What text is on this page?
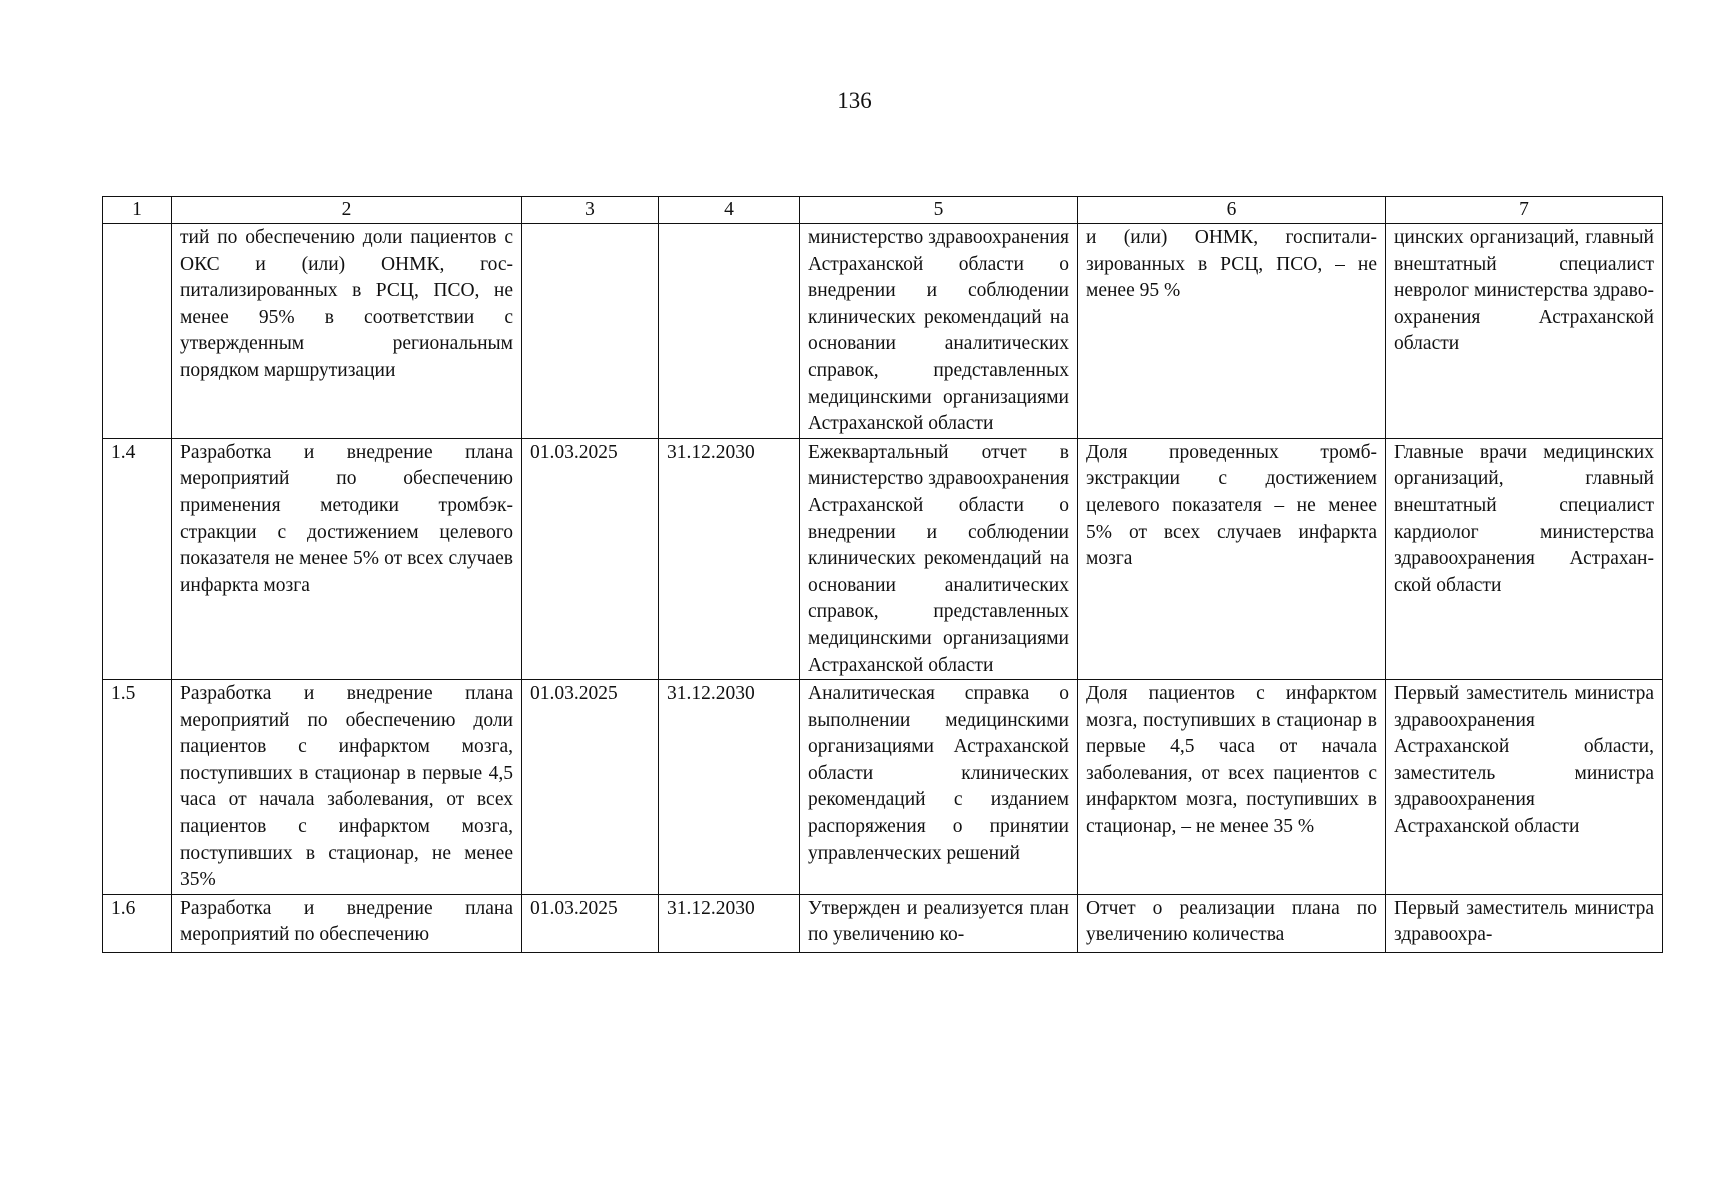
136
1	2	3	4	5	6	7
	тий по обеспечению доли пациентов с ОКС и (или) ОНМК, гос-питализированных в РСЦ, ПСО, не менее 95% в соответствии с утвержденным региональным порядком маршрутизации			министерство здравоохранения Астраханской области о внедрении и соблюдении клинических рекомендаций на основании аналитических справок, представленных медицинскими организациями Астраханской области	и (или) ОНМК, госпитализированных в РСЦ, ПСО, – не менее 95 %	цинских организаций, главный внештатный специалист невролог министерства здравоохранения Астраханской области
1.4	Разработка и внедрение плана мероприятий по обеспечению применения методики тромбэкстракции с достижением целевого показателя не менее 5% от всех случаев инфаркта мозга	01.03.2025	31.12.2030	Ежеквартальный отчет в министерство здравоохранения Астраханской области о внедрении и соблюдении клинических рекомендаций на основании аналитических справок, представленных медицинскими организациями Астраханской области	Доля проведенных тромбэкстракции с достижением целевого показателя – не менее 5% от всех случаев инфаркта мозга	Главные врачи медицинских организаций, главный внештатный специалист кардиолог министерства здравоохранения Астраханской области
1.5	Разработка и внедрение плана мероприятий по обеспечению доли пациентов с инфарктом мозга, поступивших в стационар в первые 4,5 часа от начала заболевания, от всех пациентов с инфарктом мозга, поступивших в стационар, не менее 35%	01.03.2025	31.12.2030	Аналитическая справка о выполнении медицинскими организациями Астраханской области клинических рекомендаций с изданием распоряжения о принятии управленческих решений	Доля пациентов с инфарктом мозга, поступивших в стационар в первые 4,5 часа от начала заболевания, от всех пациентов с инфарктом мозга, поступивших в стационар, – не менее 35 %	Первый заместитель министра здравоохранения Астраханской области, заместитель министра здравоохранения Астраханской области
1.6	Разработка и внедрение плана мероприятий по обеспечению	01.03.2025	31.12.2030	Утвержден и реализуется план по увеличению ко-	Отчет о реализации плана по увеличению количества	Первый заместитель министра здравоохра-
